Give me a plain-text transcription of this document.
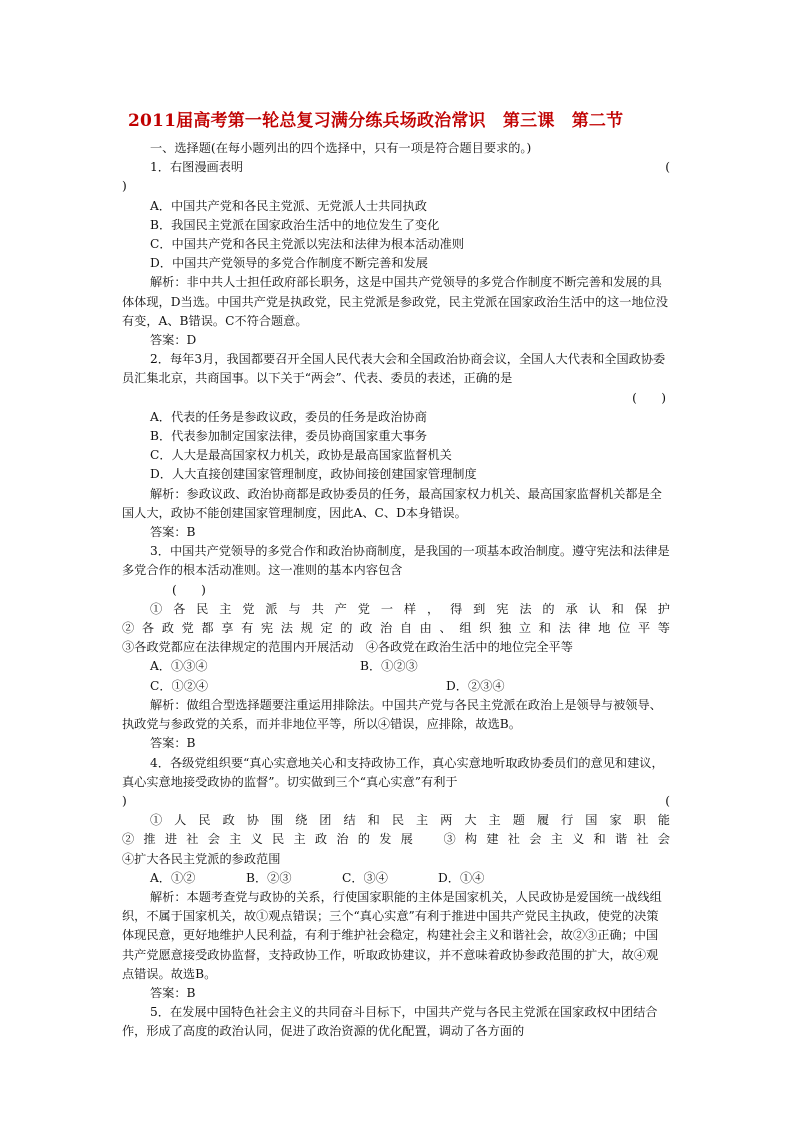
2011届高考第一轮总复习满分练兵场政治常识　第三课　第二节

一、选择题(在每小题列出的四个选择中，只有一项是符合题目要求的。)

1．右图漫画表明	(

)

A．中国共产党和各民主党派、无党派人士共同执政

B．我国民主党派在国家政治生活中的地位发生了变化

C．中国共产党和各民主党派以宪法和法律为根本活动准则

D．中国共产党领导的多党合作制度不断完善和发展

解析：非中共人士担任政府部长职务，这是中国共产党领导的多党合作制度不断完善和发展的具体体现，D当选。中国共产党是执政党，民主党派是参政党，民主党派在国家政治生活中的这一地位没有变，A、B错误。C不符合题意。

答案：D

2．每年3月，我国都要召开全国人民代表大会和全国政治协商会议，全国人大代表和全国政协委员汇集北京，共商国事。以下关于“两会”、代表、委员的表述，正确的是

(　　)

A．代表的任务是参政议政，委员的任务是政治协商

B．代表参加制定国家法律，委员协商国家重大事务

C．人大是最高国家权力机关，政协是最高国家监督机关

D．人大直接创建国家管理制度，政协间接创建国家管理制度

解析：参政议政、政治协商都是政协委员的任务，最高国家权力机关、最高国家监督机关都是全国人大，政协不能创建国家管理制度，因此A、C、D本身错误。

答案：B

3．中国共产党领导的多党合作和政治协商制度，是我国的一项基本政治制度。遵守宪法和法律是多党合作的根本活动准则。这一准则的基本内容包含

(　　)

①各民主党派与共产党一样，得到宪法的承认和保护

②各政党都享有宪法规定的政治自由、组织独立和法律地位平等

③各政党都应在法律规定的范围内开展活动　④各政党在政治生活中的地位完全平等

A．①③④	B．①②③
C．①②④	D．②③④

解析：做组合型选择题要注重运用排除法。中国共产党与各民主党派在政治上是领导与被领导、执政党与参政党的关系，而并非地位平等，所以④错误，应排除，故选B。

答案：B

4．各级党组织要“真心实意地关心和支持政协工作，真心实意地听取政协委员们的意见和建议，真心实意地接受政协的监督”。切实做到三个“真心实意”有利于
)	(

①人民政协围绕团结和民主两大主题履行国家职能

②推进社会主义民主政治的发展　③构建社会主义和谐社会

④扩大各民主党派的参政范围

A．①②	B．②③	C．③④	D．①④

解析：本题考查党与政协的关系，行使国家职能的主体是国家机关，人民政协是爱国统一战线组织，不属于国家机关，故①观点错误；三个“真心实意”有利于推进中国共产党民主执政，使党的决策体现民意，更好地维护人民利益，有利于维护社会稳定，构建社会主义和谐社会，故②③正确；中国共产党愿意接受政协监督，支持政协工作，听取政协建议，并不意味着政协参政范围的扩大，故④观点错误。故选B。

答案：B

5．在发展中国特色社会主义的共同奋斗目标下，中国共产党与各民主党派在国家政权中团结合作，形成了高度的政治认同，促进了政治资源的优化配置，调动了各方面的
